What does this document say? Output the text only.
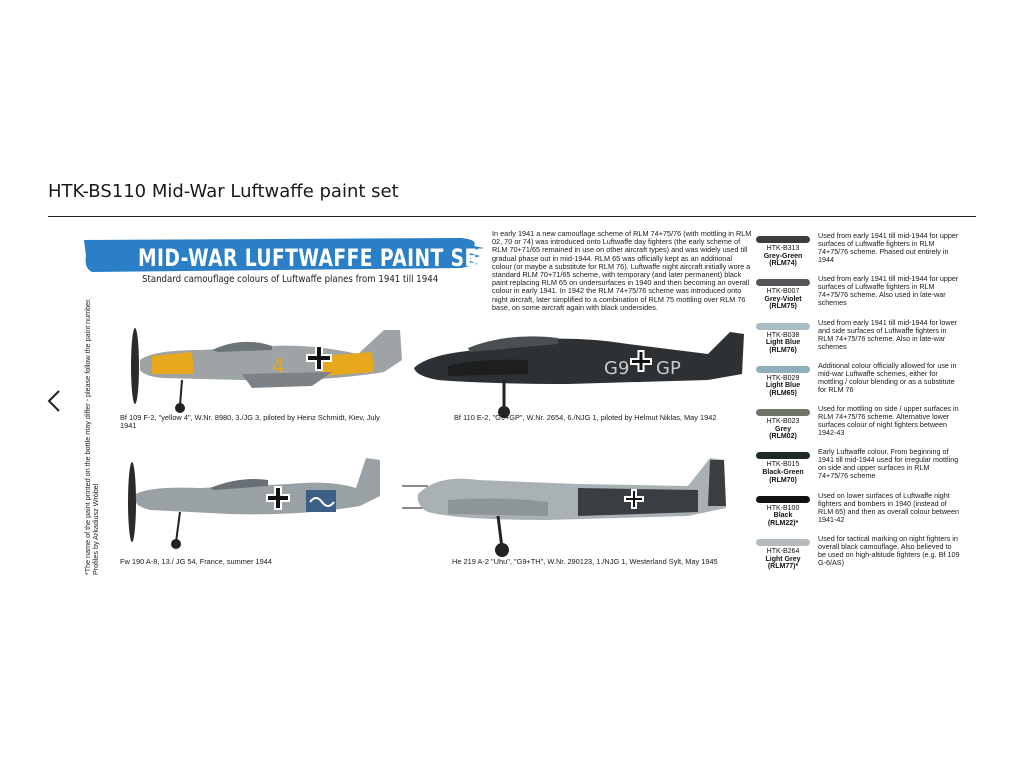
HTK-BS110 Mid-War Luftwaffe paint set
MID-WAR LUFTWAFFE PAINT SET
Standard camouflage colours of Luftwaffe planes from 1941 till 1944
*The name of the paint printed on the bottle may differ - please follow the paint number. Profiles by Arkadiusz Wróbel
In early 1941 a new camouflage scheme of RLM 74+75/76 (with mottling in RLM 02, 70 or 74) was introduced onto Luftwaffe day fighters (the early scheme of RLM 70+71/65 remained in use on other aircraft types) and was widely used till gradual phase out in mid-1944. RLM 65 was officially kept as an additional colour (or maybe a substitute for RLM 76). Luftwaffe night aircraft initially wore a standard RLM 70+71/65 scheme, with temporary (and later permanent) black paint replacing RLM 65 on undersurfaces in 1940 and then becoming an overall colour in early 1941. In 1942 the RLM 74+75/76 scheme was introduced onto night aircraft, later simplified to a combination of RLM 75 mottling over RLM 76 base, on some aircraft again with black undersides.
4
Bf 109 F-2, "yellow 4", W.Nr. 8980, 3./JG 3, piloted by Heinz Schmidt, Kiev, July 1941
G9 GP
Bf 110 E-2, "G9+GP", W.Nr. 2654, 6./NJG 1, piloted by Helmut Niklas, May 1942
Fw 190 A-8, 13./ JG 54, France, summer 1944	He 219 A-2 "Uhu", "G9+TH", W.Nr. 290123, 1./NJG 1, Westerland Sylt, May 1945
HTK-B313
Grey-Green
(RLM74)
Used from early 1941 till mid-1944 for upper surfaces of Luftwaffe fighters in RLM 74+75/76 scheme. Phased out entirely in 1944
HTK-B007
Grey-Violet
(RLM75)
Used from early 1941 till mid-1944 for upper surfaces of Luftwaffe fighters in RLM 74+75/76 scheme. Also used in late-war schemes
HTK-B038
Light Blue
(RLM76)
Used from early 1941 till mid-1944 for lower and side surfaces of Luftwaffe fighters in RLM 74+75/76 scheme. Also in late-war schemes
HTK-B029
Light Blue
(RLM65)
Additional colour officially allowed for use in mid-war Luftwaffe schemes, either for mottling / colour blending or as a substitute for RLM 76
HTK-B023
Grey
(RLM02)
Used for mottling on side / upper surfaces in RLM 74+75/76 scheme. Alternative lower surfaces colour of night fighters between 1942-43
HTK-B015
Black-Green
(RLM70)
Early Luftwaffe colour. From beginning of 1941 till mid-1944 used for irregular mottling on side and upper surfaces in RLM 74+75/76 scheme
HTK-B100
Black
(RLM22)*
Used on lower surfaces of Luftwaffe night fighters and bombers in 1940 (instead of RLM 65) and then as overall colour between 1941-42
HTK-B264
Light Grey
(RLM77)*
Used for tactical marking on night fighters in overall black camouflage. Also believed to be used on high-altitude fighters (e.g. Bf 109 G-6/AS)
